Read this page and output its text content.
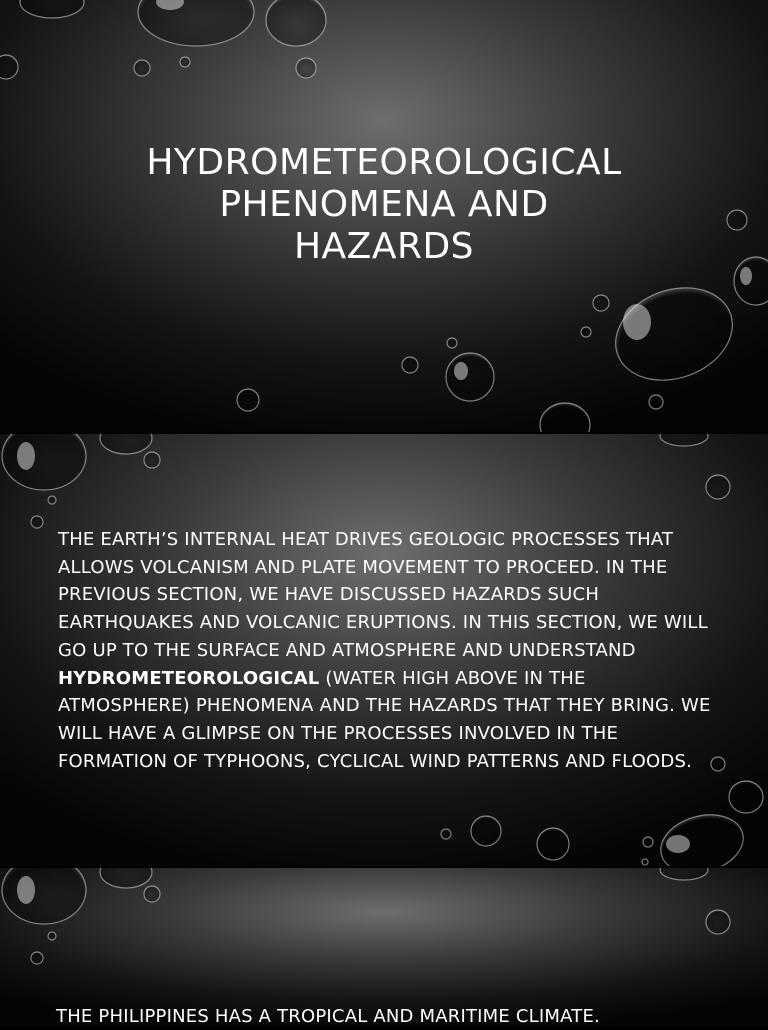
HYDROMETEOROLOGICAL
PHENOMENA AND
HAZARDS
THE EARTH’S INTERNAL HEAT DRIVES GEOLOGIC PROCESSES THAT ALLOWS VOLCANISM AND PLATE MOVEMENT TO PROCEED. IN THE PREVIOUS SECTION, WE HAVE DISCUSSED HAZARDS SUCH EARTHQUAKES AND VOLCANIC ERUPTIONS. IN THIS SECTION, WE WILL GO UP TO THE SURFACE AND ATMOSPHERE AND UNDERSTAND HYDROMETEOROLOGICAL (WATER HIGH ABOVE IN THE ATMOSPHERE) PHENOMENA AND THE HAZARDS THAT THEY BRING. WE WILL HAVE A GLIMPSE ON THE PROCESSES INVOLVED IN THE FORMATION OF TYPHOONS, CYCLICAL WIND PATTERNS AND FLOODS.
THE PHILIPPINES HAS A TROPICAL AND MARITIME CLIMATE.
